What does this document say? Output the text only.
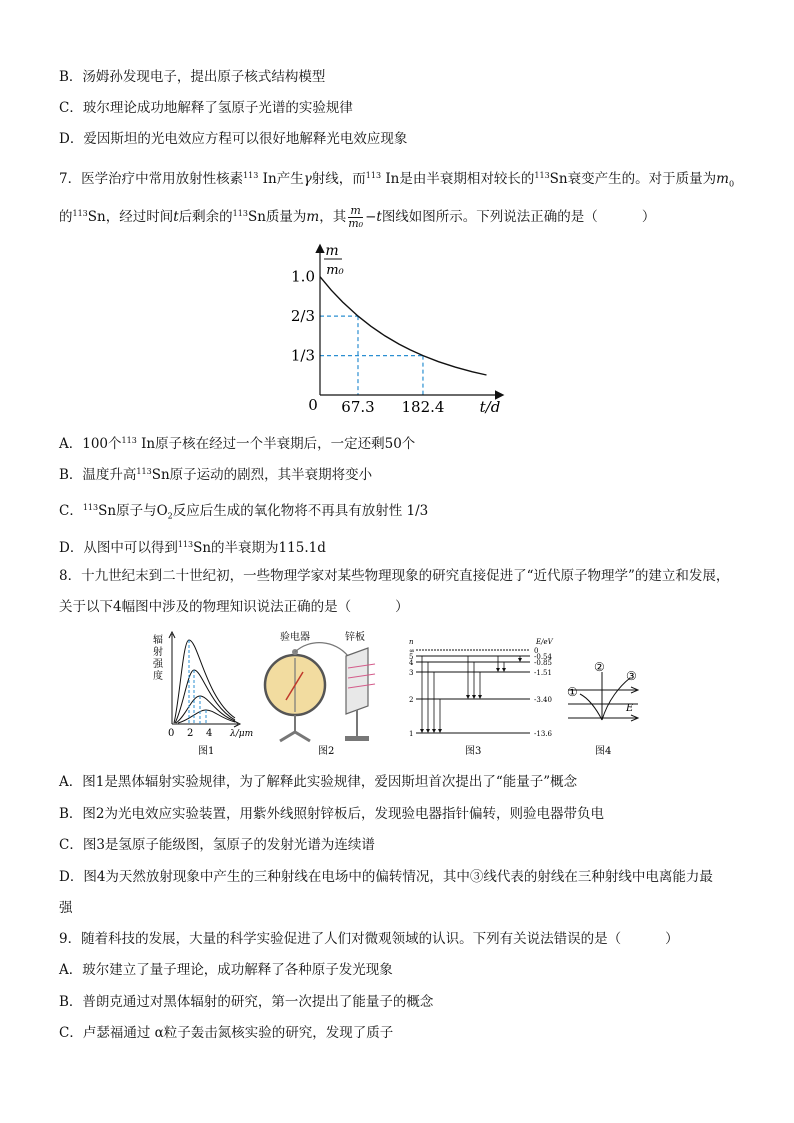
B．汤姆孙发现电子，提出原子核式结构模型
C．玻尔理论成功地解释了氢原子光谱的实验规律
D．爱因斯坦的光电效应方程可以很好地解释光电效应现象
7．医学治疗中常用放射性核素$^{113}$ In产生γ射线，而$^{113}$ In是由半衰期相对较长的$^{113}$Sn衰变产生的。对于质量为$m_0$
的$^{113}$Sn，经过时间t后剩余的$^{113}$Sn质量为m，其 $\frac{m}{\text{m₀}} -t$图线如图所示。下列说法正确的是（	）
1.0
2/3
1/3
67.3 182.4
m
m₀
0	t/d
A．100个$^{113}$ In原子核在经过一个半衰期后，一定还剩50个
B．温度升高$^{113}$Sn原子运动的剧烈，其半衰期将变小
C．$^{113}$Sn原子与$O_2$反应后生成的氧化物将不再具有放射性 1/3
D．从图中可以得到$^{113}$Sn的半衰期为115.1d
8．十九世纪末到二十世纪初，一些物理学家对某些物理现象的研究直接促进了“近代原子物理学”的建立和发展，
关于以下4幅图中涉及的物理知识说法正确的是（	）
辐
射
强
度
0 2 4 λ/μm
图1
验电器	锌板
图2
n	E/eV
图3
∞	0
5	-0.54
4	-0.85
3	-1.51
2	-3.40
1	-13.6
E
①
②
③
图4
A．图1是黑体辐射实验规律，为了解释此实验规律，爱因斯坦首次提出了“能量子”概念
B．图2为光电效应实验装置，用紫外线照射锌板后，发现验电器指针偏转，则验电器带负电
C．图3是氢原子能级图，氢原子的发射光谱为连续谱
D．图4为天然放射现象中产生的三种射线在电场中的偏转情况，其中③线代表的射线在三种射线中电离能力最
强
9．随着科技的发展，大量的科学实验促进了人们对微观领域的认识。下列有关说法错误的是（	）
A．玻尔建立了量子理论，成功解释了各种原子发光现象
B．普朗克通过对黑体辐射的研究，第一次提出了能量子的概念
C．卢瑟福通过 α粒子轰击氮核实验的研究，发现了质子
